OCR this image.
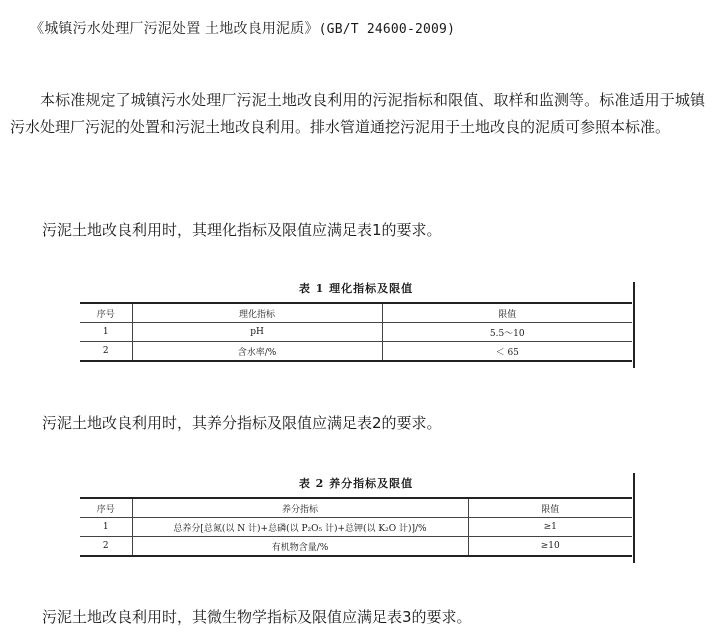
《城镇污水处理厂污泥处置 土地改良用泥质》(GB/T 24600-2009)
本标准规定了城镇污水处理厂污泥土地改良利用的污泥指标和限值、取样和监测等。标准适用于城镇污水处理厂污泥的处置和污泥土地改良利用。排水管道通挖污泥用于土地改良的泥质可参照本标准。
污泥土地改良利用时，其理化指标及限值应满足表1的要求。
表 1 理化指标及限值
序号	理化指标	限值
1	pH	5.5～10
2	含水率/%	＜ 65
污泥土地改良利用时，其养分指标及限值应满足表2的要求。
表 2 养分指标及限值
序号	养分指标	限值
1	总养分[总氮(以 N 计)+总磷(以 P₂O₅ 计)+总钾(以 K₂O 计)]/%	≥1
2	有机物含量/%	≥10
污泥土地改良利用时，其微生物学指标及限值应满足表3的要求。
